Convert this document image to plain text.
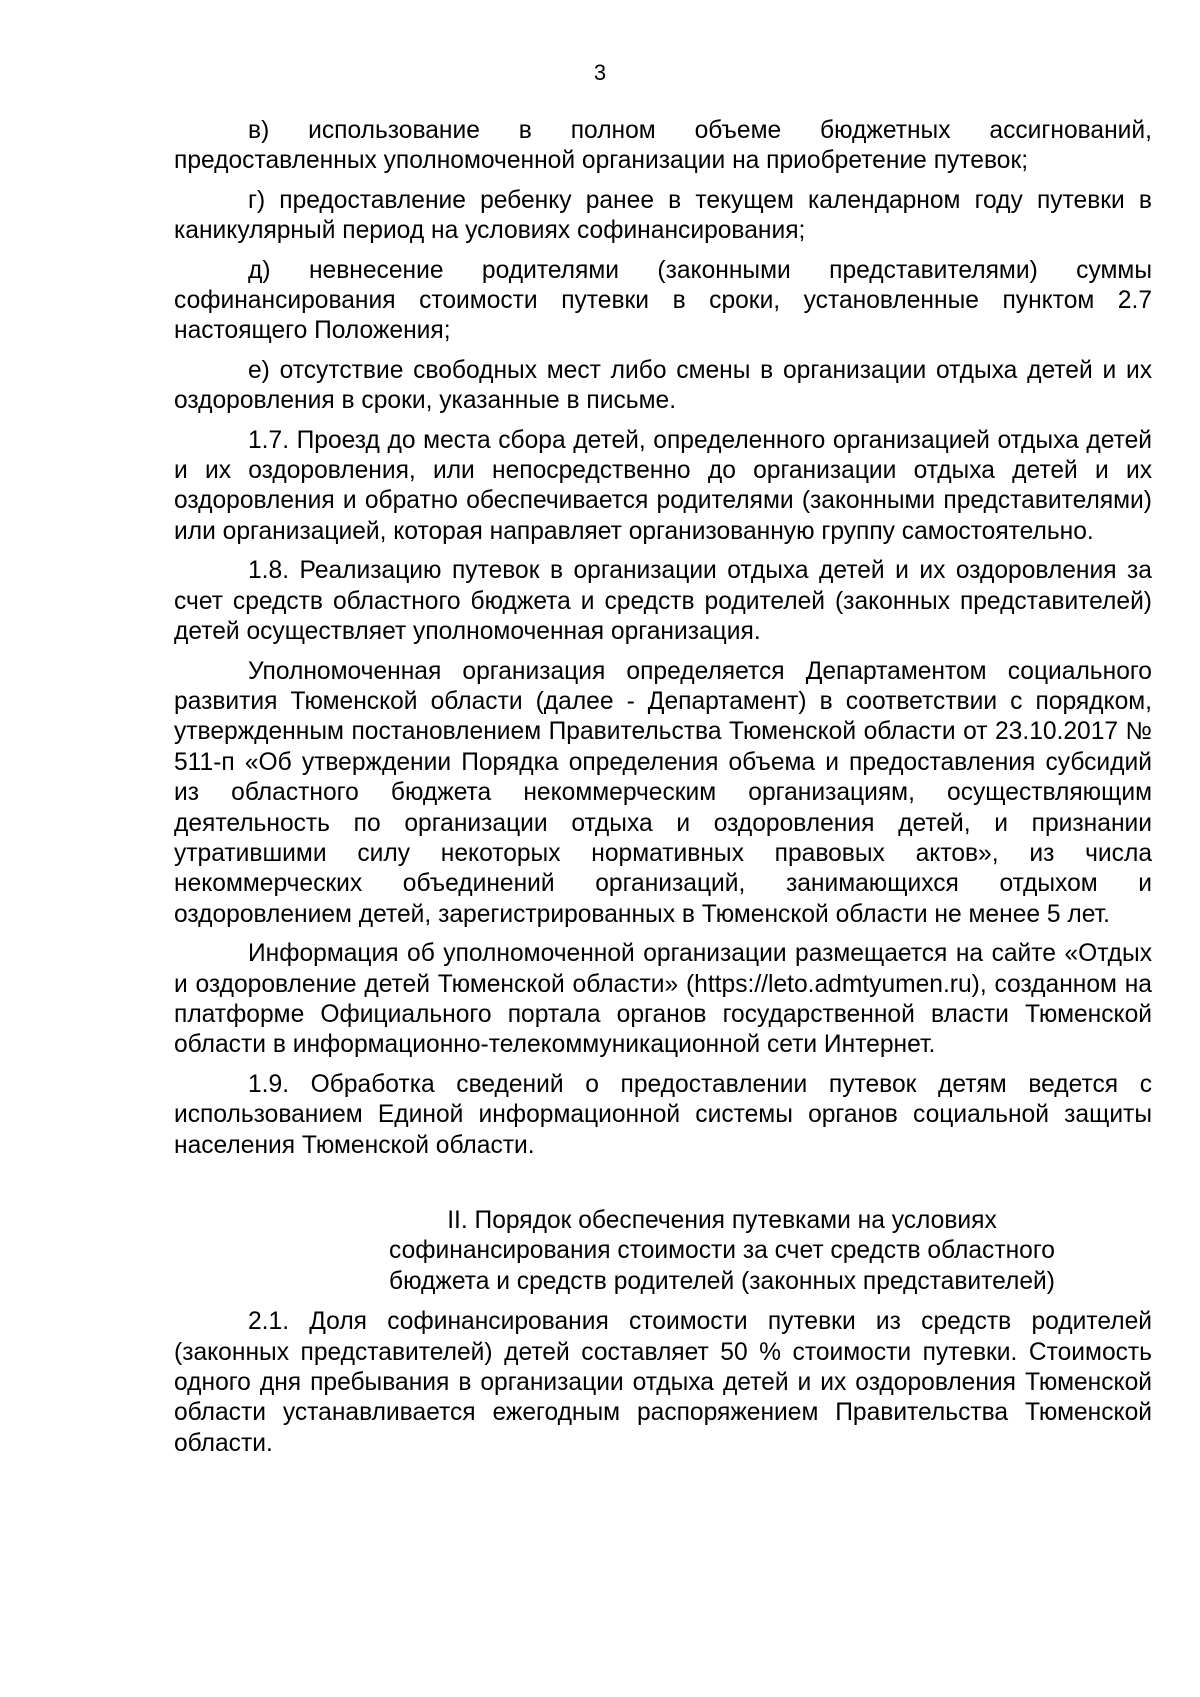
3

в) использование в полном объеме бюджетных ассигнований, предоставленных уполномоченной организации на приобретение путевок;

г) предоставление ребенку ранее в текущем календарном году путевки в каникулярный период на условиях софинансирования;

д) невнесение родителями (законными представителями) суммы софинансирования стоимости путевки в сроки, установленные пунктом 2.7 настоящего Положения;

е) отсутствие свободных мест либо смены в организации отдыха детей и их оздоровления в сроки, указанные в письме.

1.7. Проезд до места сбора детей, определенного организацией отдыха детей и их оздоровления, или непосредственно до организации отдыха детей и их оздоровления и обратно обеспечивается родителями (законными представителями) или организацией, которая направляет организованную группу самостоятельно.

1.8. Реализацию путевок в организации отдыха детей и их оздоровления за счет средств областного бюджета и средств родителей (законных представителей) детей осуществляет уполномоченная организация.

Уполномоченная организация определяется Департаментом социального развития Тюменской области (далее - Департамент) в соответствии с порядком, утвержденным постановлением Правительства Тюменской области от 23.10.2017 № 511-п «Об утверждении Порядка определения объема и предоставления субсидий из областного бюджета некоммерческим организациям, осуществляющим деятельность по организации отдыха и оздоровления детей, и признании утратившими силу некоторых нормативных правовых актов», из числа некоммерческих объединений организаций, занимающихся отдыхом и оздоровлением детей, зарегистрированных в Тюменской области не менее 5 лет.

Информация об уполномоченной организации размещается на сайте «Отдых и оздоровление детей Тюменской области» (https://leto.admtyumen.ru), созданном на платформе Официального портала органов государственной власти Тюменской области в информационно-телекоммуникационной сети Интернет.

1.9. Обработка сведений о предоставлении путевок детям ведется с использованием Единой информационной системы органов социальной защиты населения Тюменской области.

II. Порядок обеспечения путевками на условиях
софинансирования стоимости за счет средств областного
бюджета и средств родителей (законных представителей)

2.1. Доля софинансирования стоимости путевки из средств родителей (законных представителей) детей составляет 50 % стоимости путевки. Стоимость одного дня пребывания в организации отдыха детей и их оздоровления Тюменской области устанавливается ежегодным распоряжением Правительства Тюменской области.
